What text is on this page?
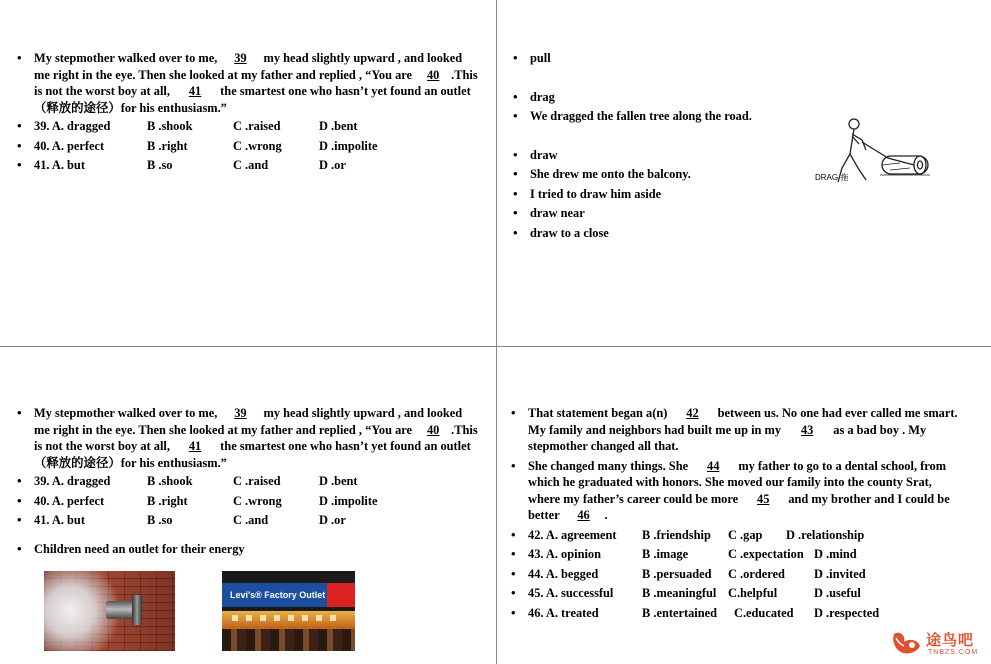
• My stepmother walked over to me, 39 my head slightly upward , and looked me right in the eye. Then she looked at my father and replied , “You are 40 .This is not the worst boy at all, 41 the smartest one who hasn’t yet found an outlet（释放的途径）for his enthusiasm.”
• 39. A. dragged	B .shook	C .raised	D .bent
• 40. A. perfect	B .right	C .wrong	D .impolite
• 41. A. but	B .so	C .and	D .or
• pull
• drag
• We dragged the fallen tree along the road.
• draw
• She drew me onto the balcony.
• I tried to draw him aside
• draw near
• draw to a close
DRAG 拖
• My stepmother walked over to me, 39 my head slightly upward , and looked me right in the eye. Then she looked at my father and replied , “You are 40 .This is not the worst boy at all, 41 the smartest one who hasn’t yet found an outlet（释放的途径）for his enthusiasm.”
• 39. A. dragged	B .shook	C .raised	D .bent
• 40. A. perfect	B .right	C .wrong	D .impolite
• 41. A. but	B .so	C .and	D .or
• Children need an outlet for their energy
Levi's® Factory Outlet
• That statement began a(n) 42 between us. No one had ever called me smart. My family and neighbors had built me up in my 43 as a bad boy . My stepmother changed all that.
• She changed many things. She 44 my father to go to a dental school, from which he graduated with honors. She moved our family into the county Srat, where my father’s career could be more 45 and my brother and I could be better 46 .
• 42. A. agreement	B .friendship	C .gap	D .relationship
• 43. A. opinion	B .image	C .expectation D .mind
• 44. A. begged	B .persuaded	C .ordered	D .invited
• 45. A. successful	B .meaningful C.helpful	D .useful
• 46. A. treated	B .entertained	C.educated	D .respected
途鸟吧
TNBZS.COM
